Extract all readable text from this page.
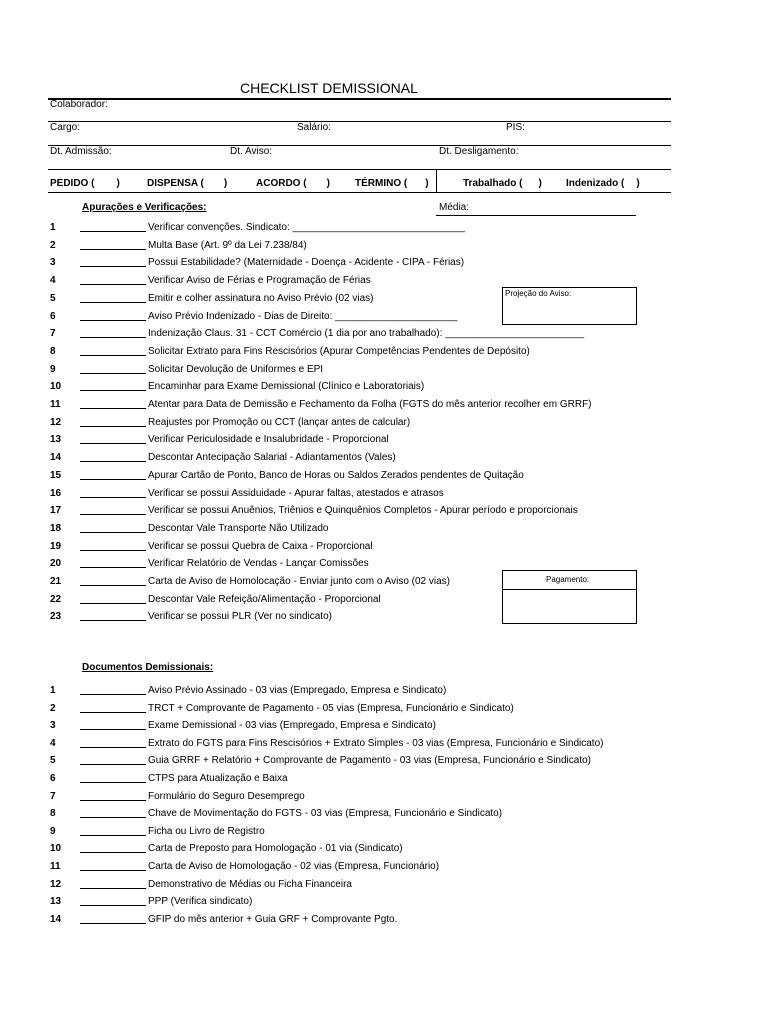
CHECKLIST DEMISSIONAL
Colaborador:
Cargo:	Salário:	PIS:
Dt. Admissão:	Dt. Aviso:	Dt. Desligamento:
PEDIDO ( )	DISPENSA ( )	ACORDO ( )	TÉRMINO ( )	Trabalhado ( ) Indenizado ( )
Apurações e Verificações:	Média:
1	Verificar convenções. Sindicato: _______________________________
2	Multa Base (Art. 9º da Lei 7.238/84)
3	Possui Estabilidade? (Maternidade - Doença - Acidente - CIPA - Férias)
4	Verificar Aviso de Férias e Programação de Férias
5	Emitir e colher assinatura no Aviso Prévio (02 vias)
6	Aviso Prévio Indenizado - Dias de Direito: ______________________
7	Indenização Claus. 31 - CCT Comércio (1 dia por ano trabalhado): _________________________
8	Solicitar Extrato para Fins Rescisórios (Apurar Competências Pendentes de Depósito)
9	Solicitar Devolução de Uniformes e EPI
10	Encaminhar para Exame Demissional (Clínico e Laboratoriais)
11	Atentar para Data de Demissão e Fechamento da Folha (FGTS do mês anterior recolher em GRRF)
12	Reajustes por Promoção ou CCT (lançar antes de calcular)
13	Verificar Periculosidade e Insalubridade - Proporcional
14	Descontar Antecipação Salarial - Adiantamentos (Vales)
15	Apurar Cartão de Ponto, Banco de Horas ou Saldos Zerados pendentes de Quitação
16	Verificar se possui Assiduidade - Apurar faltas, atestados e atrasos
17	Verificar se possui Anuênios, Triênios e Quinquênios Completos - Apurar período e proporcionais
18	Descontar Vale Transporte Não Utilizado
19	Verificar se possui Quebra de Caixa - Proporcional
20	Verificar Relatório de Vendas - Lançar Comissões
21	Carta de Aviso de Homolocação - Enviar junto com o Aviso (02 vias)
22	Descontar Vale Refeição/Alimentação - Proporcional
23	Verificar se possui PLR (Ver no sindicato)
Projeção do Aviso:
Pagamento:
Documentos Demissionais:
1	Aviso Prévio Assinado - 03 vias (Empregado, Empresa e Sindicato)
2	TRCT + Comprovante de Pagamento - 05 vias (Empresa, Funcionário e Sindicato)
3	Exame Demissional - 03 vias (Empregado, Empresa e Sindicato)
4	Extrato do FGTS para Fins Rescisórios + Extrato Simples - 03 vias (Empresa, Funcionário e Sindicato)
5	Guia GRRF + Relatório + Comprovante de Pagamento - 03 vias (Empresa, Funcionário e Sindicato)
6	CTPS para Atualização e Baixa
7	Formulário do Seguro Desemprego
8	Chave de Movimentação do FGTS - 03 vias (Empresa, Funcionário e Sindicato)
9	Ficha ou Livro de Registro
10	Carta de Preposto para Homologação - 01 via (Sindicato)
11	Carta de Aviso de Homologação - 02 vias (Empresa, Funcionário)
12	Demonstrativo de Médias ou Ficha Financeira
13	PPP (Verifica sindicato)
14	GFIP do mês anterior + Guia GRF + Comprovante Pgto.
